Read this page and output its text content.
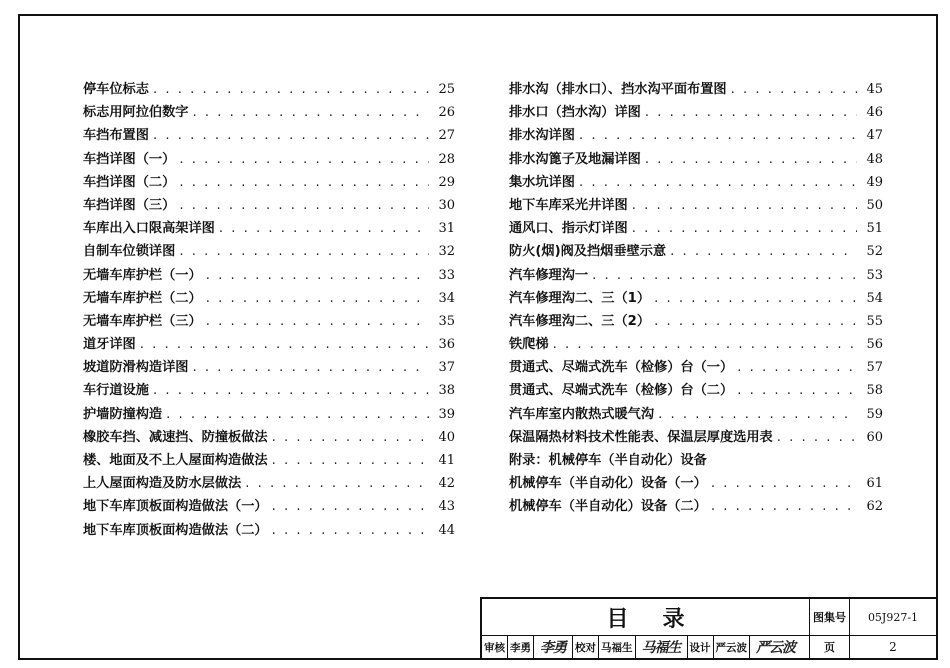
停车位标志 . . .	25
标志用阿拉伯数字 . . .	26
车挡布置图 . . .	27
车挡详图（一） . . .	28
车挡详图（二） . . .	29
车挡详图（三） . . .	30
车库出入口限高架详图 . . .	31
自制车位锁详图 . . .	32
无墙车库护栏（一） . . .	33
无墙车库护栏（二） . . .	34
无墙车库护栏（三） . . .	35
道牙详图 . . .	36
坡道防滑构造详图 . . .	37
车行道设施 . . .	38
护墙防撞构造 . . .	39
橡胶车挡、减速挡、防撞板做法 . . .	40
楼、地面及不上人屋面构造做法 . . .	41
上人屋面构造及防水层做法 . . .	42
地下车库顶板面构造做法（一） . . .	43
地下车库顶板面构造做法（二） . . .	44
排水沟（排水口）、挡水沟平面布置图 . . .	45
排水口（挡水沟）详图 . . .	46
排水沟详图 . . .	47
排水沟篦子及地漏详图 . . .	48
集水坑详图 . . .	49
地下车库采光井详图 . . .	50
通风口、指示灯详图 . . .	51
防火(烟)阀及挡烟垂壁示意 . . .	52
汽车修理沟一 . . .	53
汽车修理沟二、三（1） . . .	54
汽车修理沟二、三（2） . . .	55
铁爬梯 . . .	56
贯通式、尽端式洗车（检修）台（一） . . .	57
贯通式、尽端式洗车（检修）台（二） . . .	58
汽车库室内散热式暖气沟 . . .	59
保温隔热材料技术性能表、保温层厚度选用表 . . .	60
附录：机械停车（半自动化）设备
机械停车（半自动化）设备（一） . . .	61
机械停车（半自动化）设备（二） . . .	62
目 录	图集号	05J927-1
审核 李勇 李勇 校对 马福生 马福生 设计 严云波 严云波	页	2
